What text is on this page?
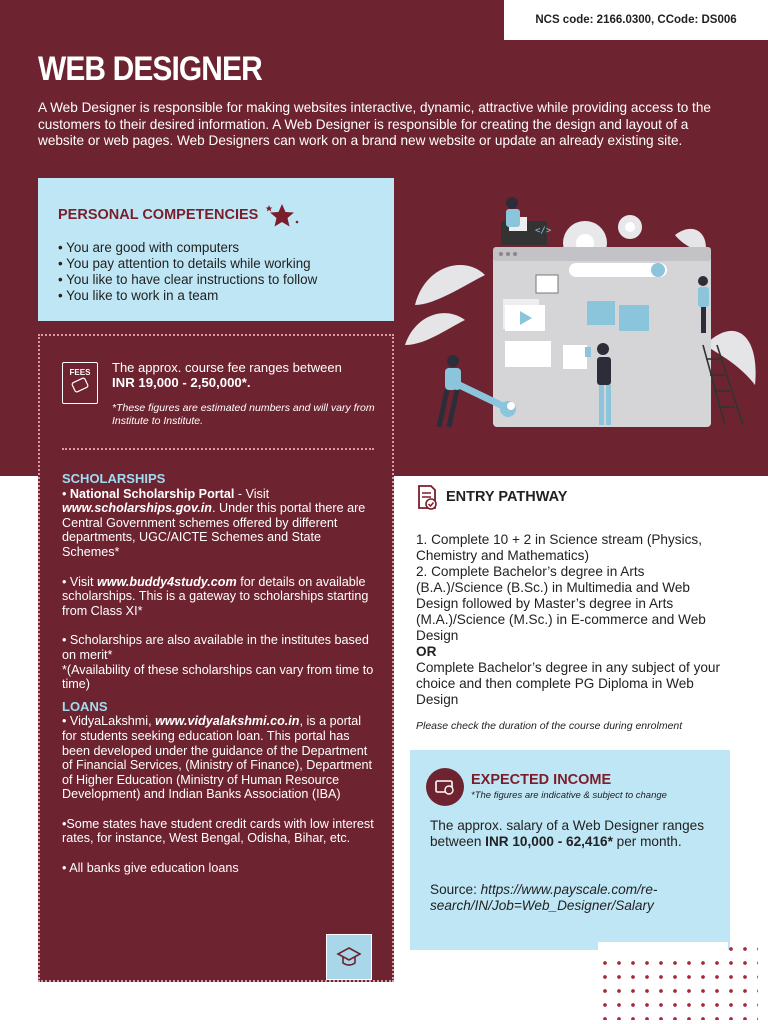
NCS code: 2166.0300, CCode: DS006
WEB DESIGNER

A Web Designer is responsible for making websites interactive, dynamic, attractive while providing access to the customers to their desired information. A Web Designer is responsible for creating the design and layout of a website or web pages. Web Designers can work on a brand new website or update an already existing site.

PERSONAL COMPETENCIES
• You are good with computers
• You pay attention to details while working
• You like to have clear instructions to follow
• You like to work in a team
</>
FEES	The approx. course fee ranges between
INR 19,000 - 2,50,000*.
*These figures are estimated numbers and will vary from Institute to Institute.
SCHOLARSHIPS

• National Scholarship Portal - Visit www.scholarships.gov.in. Under this portal there are Central Government schemes offered by different departments, UGC/AICTE Schemes and State Schemes*

• Visit www.buddy4study.com for details on available scholarships. This is a gateway to scholarships starting from Class XI*

• Scholarships are also available in the institutes based on merit*

*(Availability of these scholarships can vary from time to time)

LOANS

• VidyaLakshmi, www.vidyalakshmi.co.in, is a portal for students seeking education loan. This portal has been developed under the guidance of the Department of Financial Services, (Ministry of Finance), Department of Higher Education (Ministry of Human Resource Development) and Indian Banks Association (IBA)

•Some states have student credit cards with low interest rates, for instance, West Bengal, Odisha, Bihar, etc.

• All banks give education loans

ENTRY PATHWAY

1. Complete 10 + 2 in Science stream (Physics, Chemistry and Mathematics)

2. Complete Bachelor’s degree in Arts (B.A.)/Science (B.Sc.) in Multimedia and Web Design followed by Master’s degree in Arts (M.A.)/Science (M.Sc.) in E-commerce and Web Design

OR

Complete Bachelor’s degree in any subject of your choice and then complete PG Diploma in Web Design

Please check the duration of the course during enrolment

EXPECTED INCOME
*The figures are indicative & subject to change

The approx. salary of a Web Designer ranges between INR 10,000 - 62,416* per month.

Source: https://www.payscale.com/re-search/IN/Job=Web_Designer/Salary
